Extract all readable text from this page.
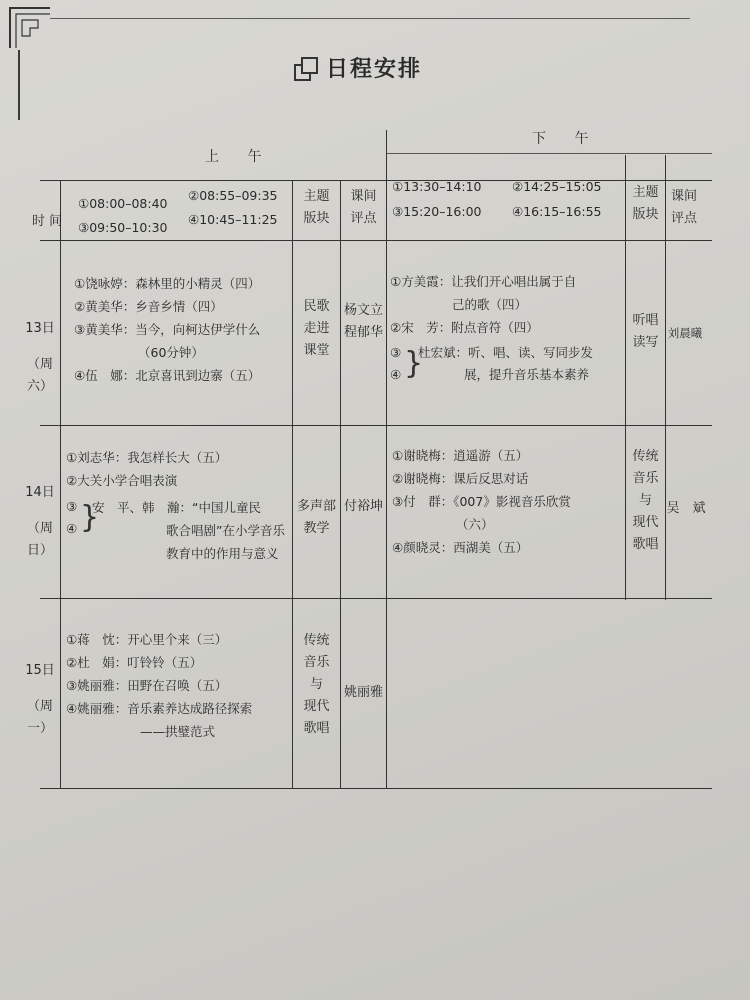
日程安排
上 午
下 午
时 间
①08:00–08:40
②08:55–09:35
③09:50–10:30
④10:45–11:25
主题
版块
课间
评点
①13:30–14:10 ②14:25–15:05
③15:20–16:00 ④16:15–16:55
主题
版块
课间
评点
13日
（周六）
①饶咏婷：森林里的小精灵（四）
②黄美华：乡音乡情（四）
③黄美华：当今，向柯达伊学什么
（60分钟）
④伍　娜：北京喜讯到边寨（五）
民歌
走进
课堂
杨文立
程郁华
①方美霞：让我们开心唱出属于自
己的歌（四）
②宋　芳：附点音符（四）
③
④ }
杜宏斌：听、唱、读、写同步发
展，提升音乐基本素养
听唱
读写
刘晨曦
14日
（周日）
①刘志华：我怎样长大（五）
②大关小学合唱表演
③
④ }
安　平、韩　瀚：“中国儿童民
歌合唱剧”在小学音乐
教育中的作用与意义
多声部
教学
付裕坤
①谢晓梅：逍遥游（五）
②谢晓梅：课后反思对话
③付　群：《007》影视音乐欣赏
（六）
④颜晓灵：西湖美（五）
传统
音乐
与
现代
歌唱
吴　斌
15日
（周一）
①蒋　忱：开心里个来（三）
②杜　娟：叮铃铃（五）
③姚丽雅：田野在召唤（五）
④姚丽雅：音乐素养达成路径探索
——拱璧范式
传统
音乐
与
现代
歌唱
姚丽雅
